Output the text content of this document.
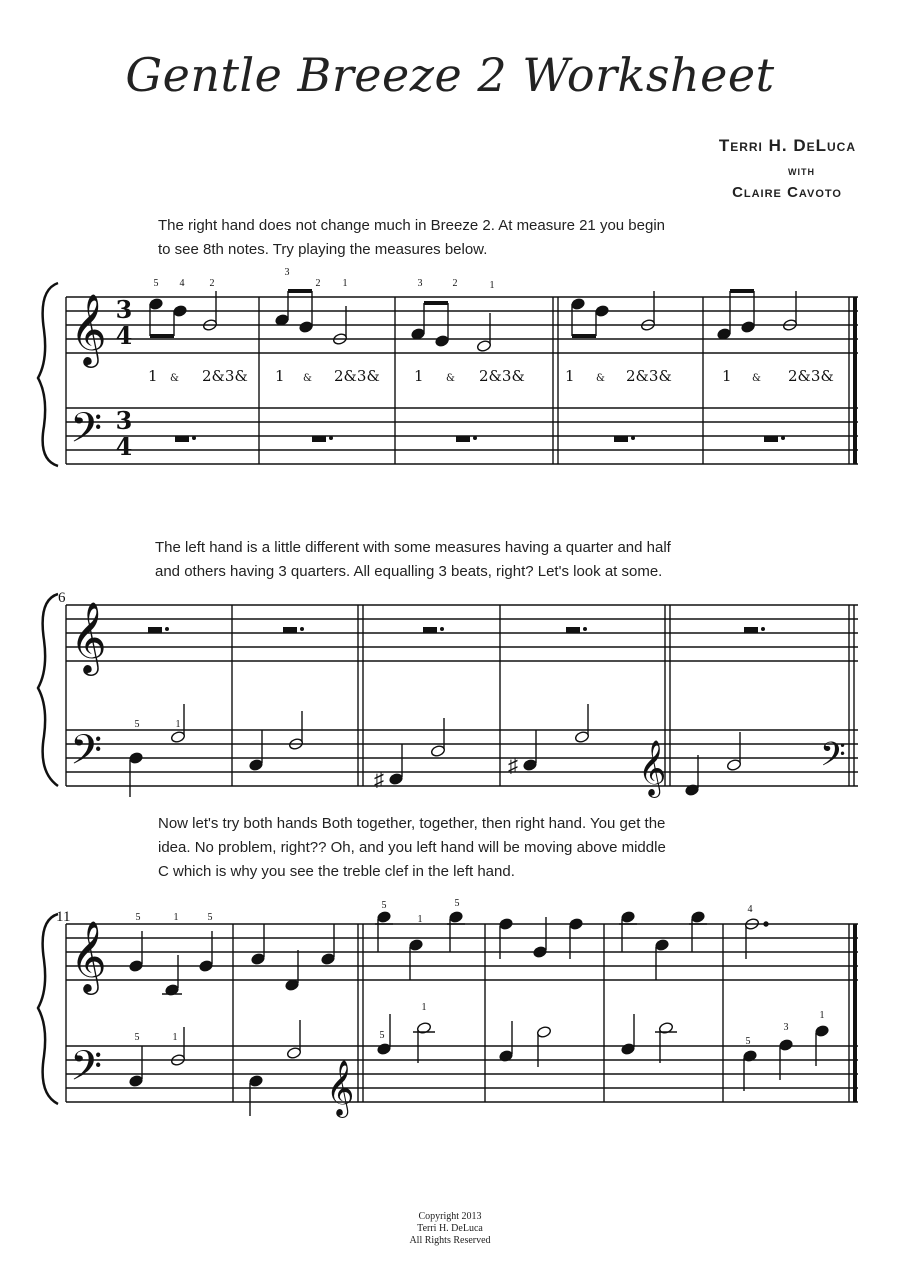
Gentle Breeze 2 Worksheet
Terri H. DeLuca
with
Claire Cavoto
The right hand does not change much in Breeze 2. At measure 21 you begin
to see 8th notes. Try playing the measures below.
The left hand is a little different with some measures having a quarter and half
and others having 3 quarters. All equalling 3 beats, right? Let's look at some.
Now let's try both hands Both together, together, then right hand. You get the
idea. No problem, right?? Oh, and you left hand will be moving above middle
C which is why you see the treble clef in the left hand.
𝄞
𝄢
𝄞
𝄢	𝄞	𝄢
𝄞
𝄢	𝄞
3
4
3
4
6
11
5 4	2
3
2 1	3	2	1
1 & 2&3& 1 & 2&3& 1 & 2&3&	1 & 2&3&	1 & 2&3&
♯
♯
5	1
5	1	5
5
1
5
4
5	1	5
1
5
3
1
Copyright 2013
Terri H. DeLuca
All Rights Reserved
